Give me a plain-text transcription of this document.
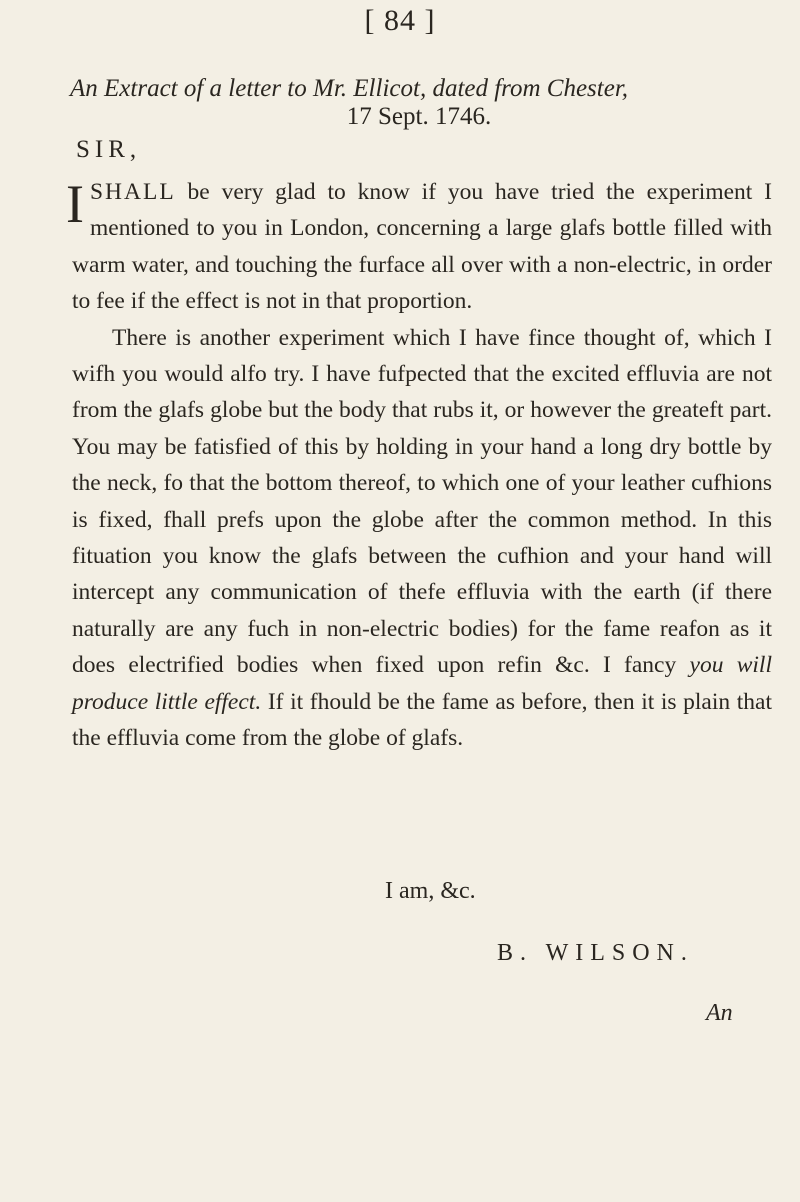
[ 84 ]
An Extract of a letter to Mr. Ellicot, dated from Chester,
17 Sept. 1746.
SIR,

ISHALL be very glad to know if you have tried the experiment I mentioned to you in London, concerning a large glafs bottle filled with warm water, and touching the furface all over with a non-electric, in order to fee if the effect is not in that proportion.

There is another experiment which I have fince thought of, which I wifh you would alfo try. I have fufpected that the excited effluvia are not from the glafs globe but the body that rubs it, or however the greateft part. You may be fatisfied of this by holding in your hand a long dry bottle by the neck, fo that the bottom thereof, to which one of your leather cufhions is fixed, fhall prefs upon the globe after the common method. In this fituation you know the glafs between the cufhion and your hand will intercept any communication of thefe effluvia with the earth (if there naturally are any fuch in non-electric bodies) for the fame reafon as it does electrified bodies when fixed upon refin &c. I fancy you will produce little effect. If it fhould be the fame as before, then it is plain that the effluvia come from the globe of glafs.

I am, &c.
B. WILSON.
An
